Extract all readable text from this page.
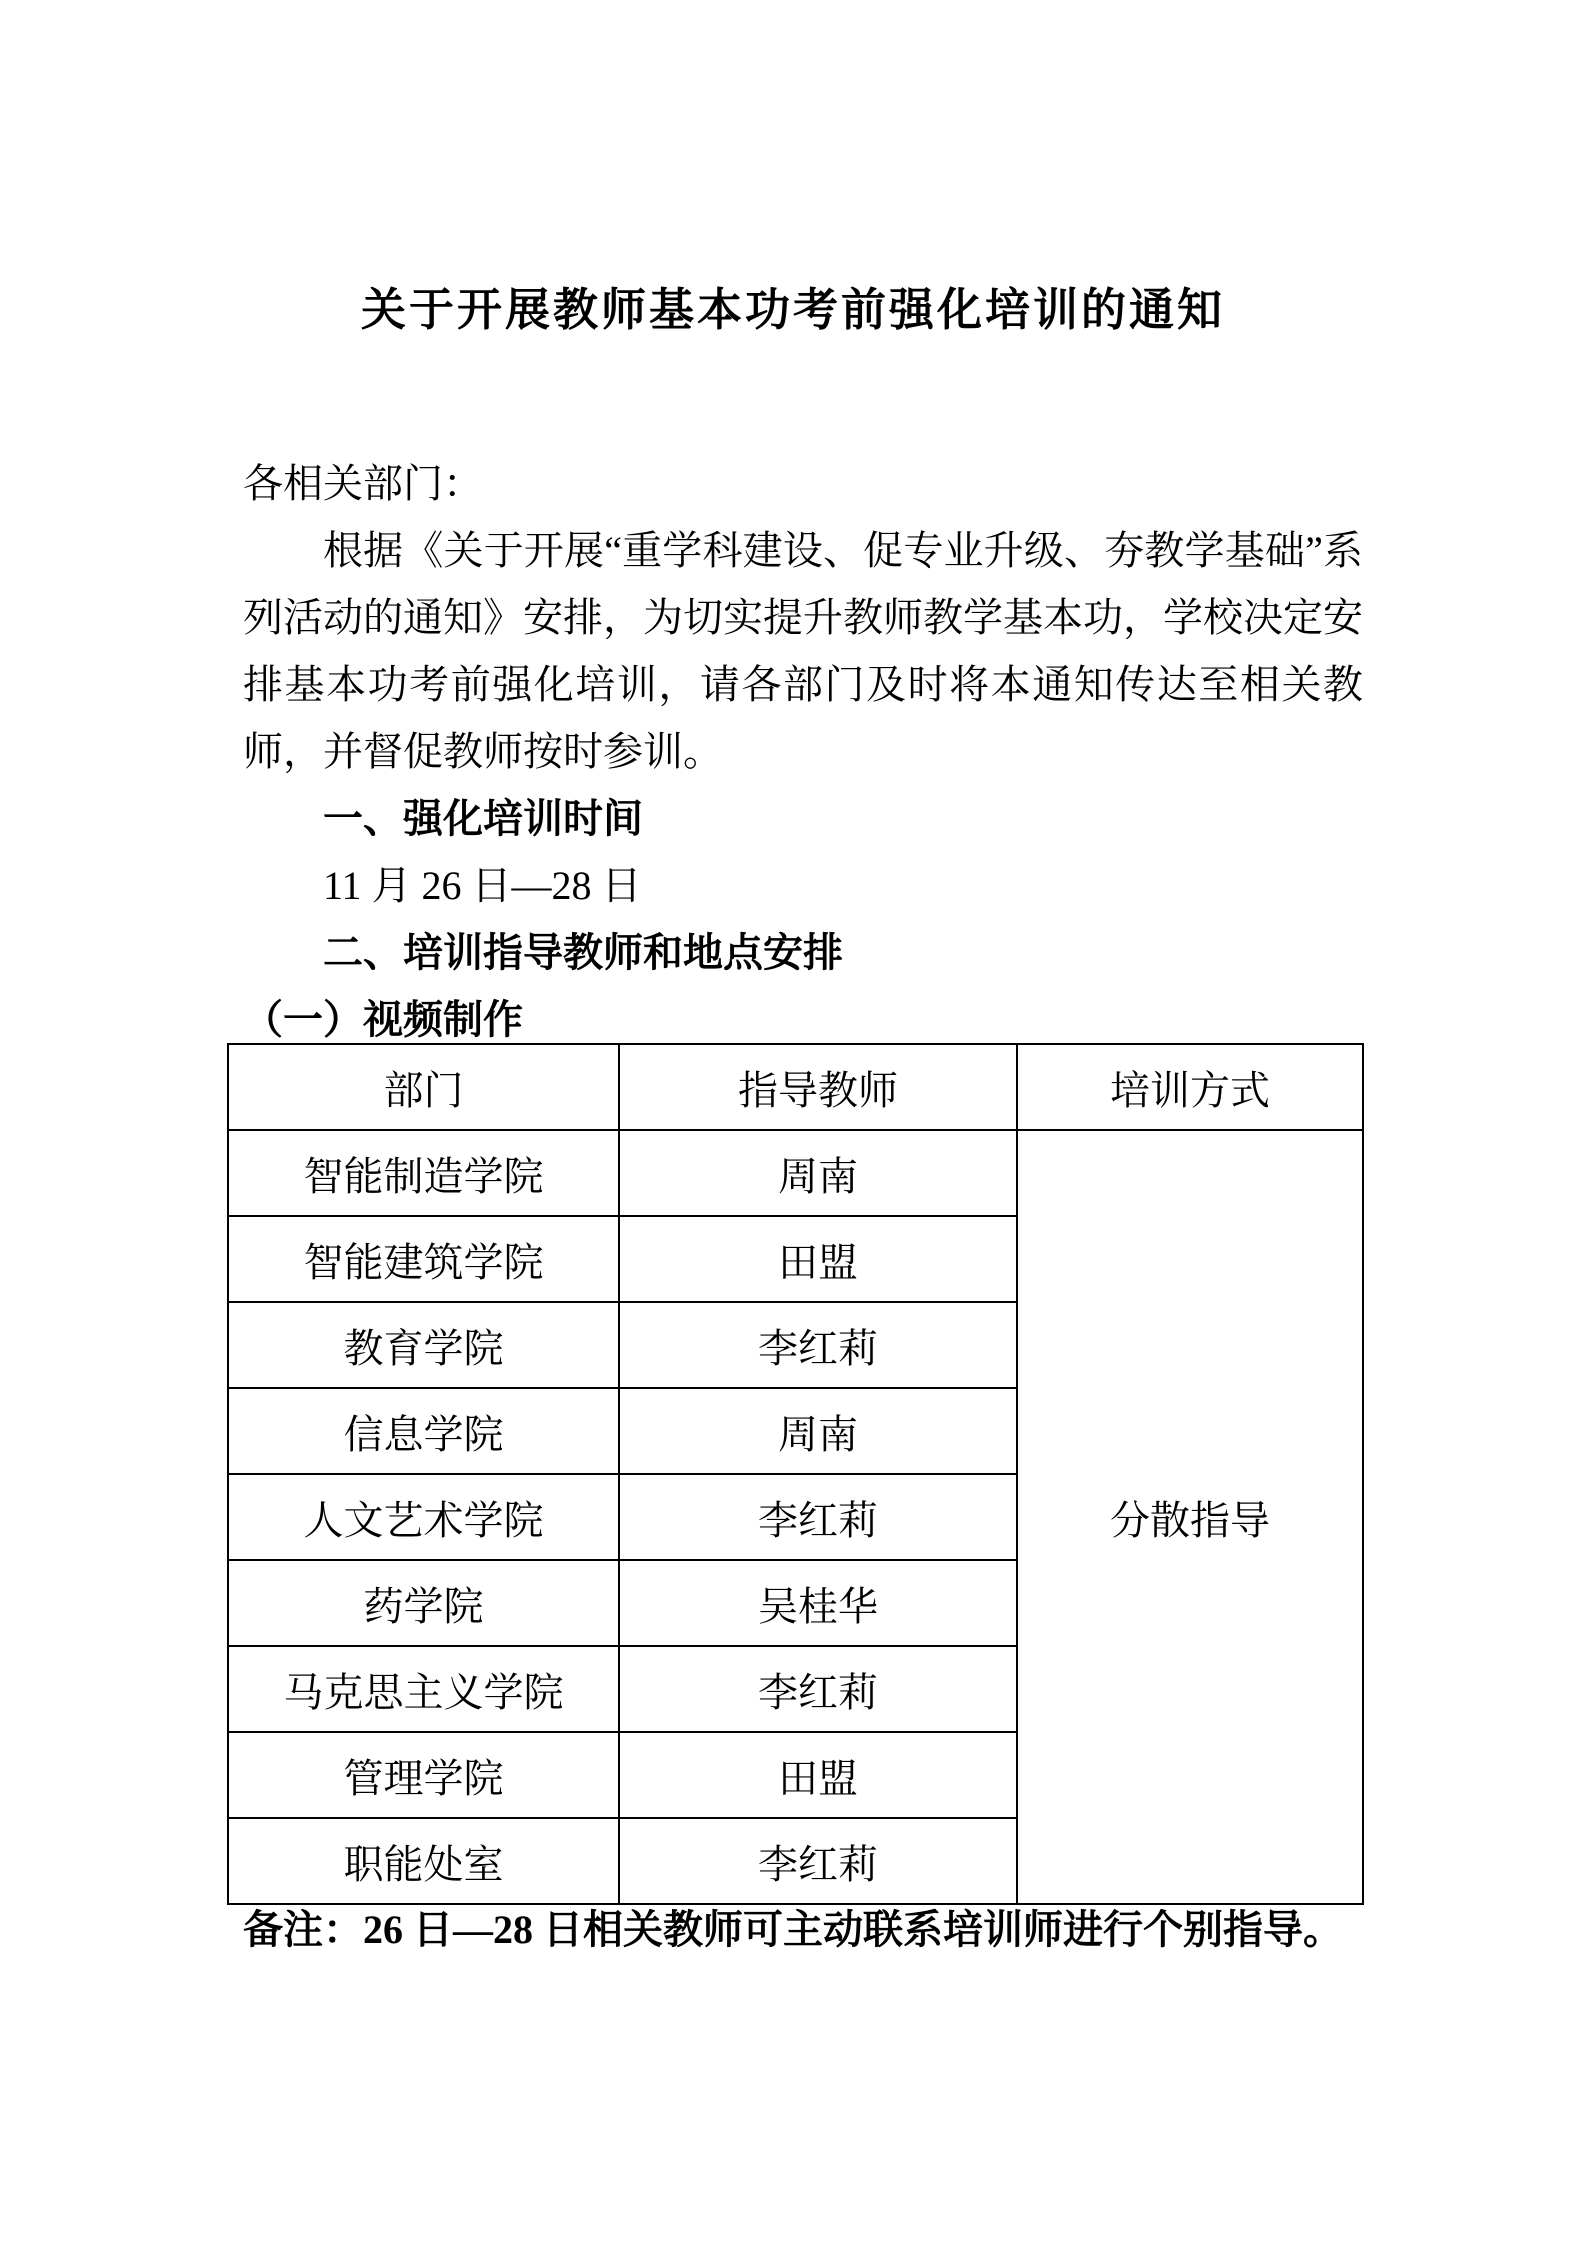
关于开展教师基本功考前强化培训的通知

各相关部门：

根据《关于开展“重学科建设、促专业升级、夯教学基础”系列活动的通知》安排，为切实提升教师教学基本功，学校决定安排基本功考前强化培训，请各部门及时将本通知传达至相关教师，并督促教师按时参训。

一、强化培训时间

11 月 26 日—28 日

二、培训指导教师和地点安排

（一）视频制作

部门	指导教师	培训方式
智能制造学院	周南	分散指导
智能建筑学院	田盟	
教育学院	李红莉	
信息学院	周南	
人文艺术学院	李红莉	
药学院	吴桂华	
马克思主义学院	李红莉	
管理学院	田盟	
职能处室	李红莉	

备注：26 日—28 日相关教师可主动联系培训师进行个别指导。
